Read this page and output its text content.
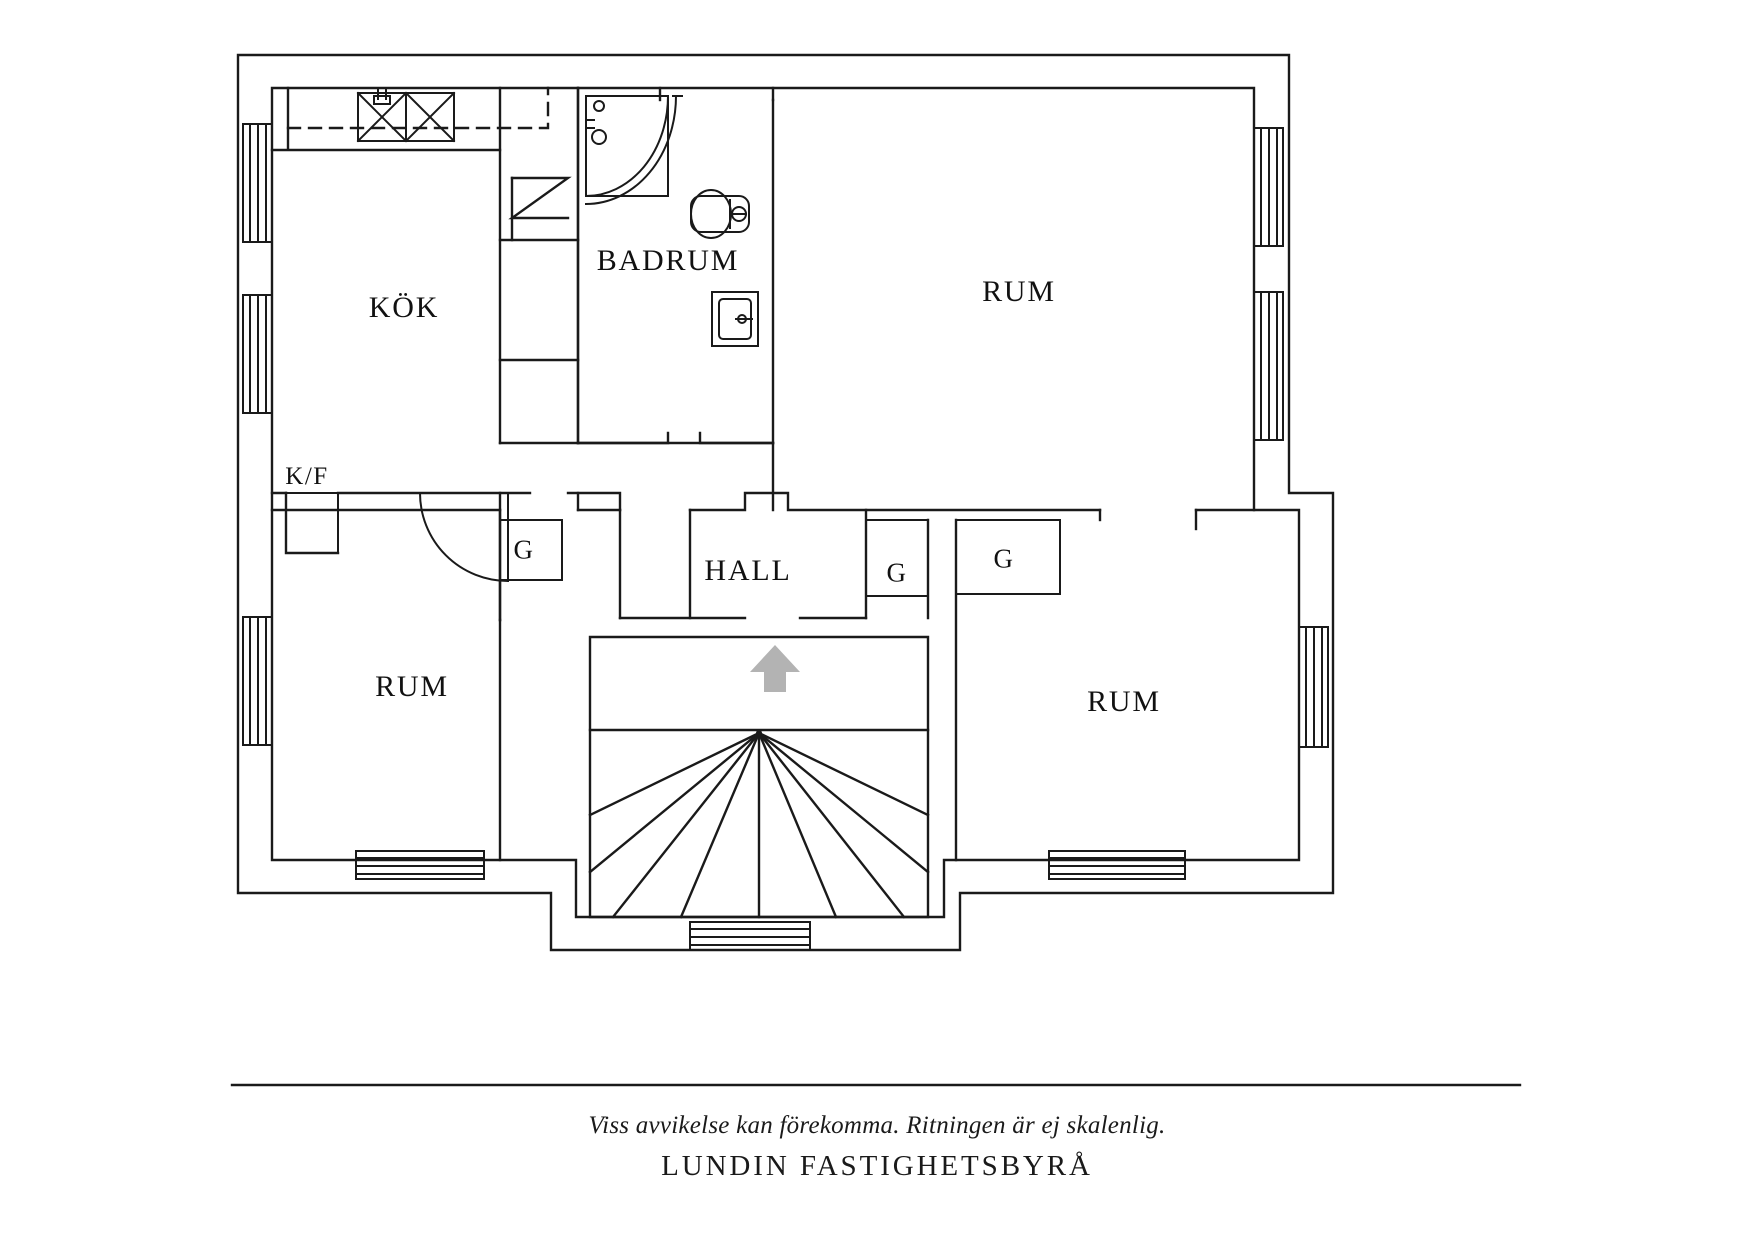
KÖK
BADRUM
RUM
K/F
G
HALL	G	G
RUM	RUM
Viss avvikelse kan förekomma. Ritningen är ej skalenlig.
LUNDIN FASTIGHETSBYRÅ
